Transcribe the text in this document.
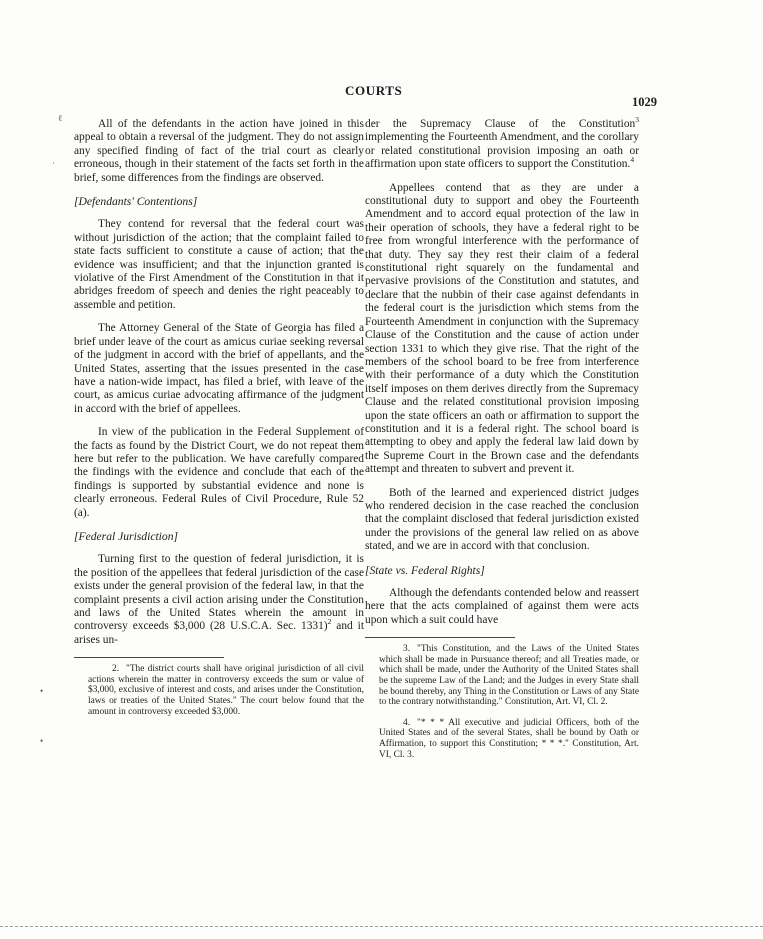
COURTS
1029

All of the defendants in the action have joined in this appeal to obtain a reversal of the judgment. They do not assign any specified finding of fact of the trial court as clearly erroneous, though in their statement of the facts set forth in the brief, some differences from the findings are observed.

[Defendants' Contentions]

They contend for reversal that the federal court was without jurisdiction of the action; that the complaint failed to state facts sufficient to constitute a cause of action; that the evidence was insufficient; and that the injunction granted is violative of the First Amendment of the Constitution in that it abridges freedom of speech and denies the right peaceably to assemble and petition.

The Attorney General of the State of Georgia has filed a brief under leave of the court as amicus curiae seeking reversal of the judgment in accord with the brief of appellants, and the United States, asserting that the issues presented in the case have a nation-wide impact, has filed a brief, with leave of the court, as amicus curiae advocating affirmance of the judgment in accord with the brief of appellees.

In view of the publication in the Federal Supplement of the facts as found by the District Court, we do not repeat them here but refer to the publication. We have carefully compared the findings with the evidence and conclude that each of the findings is supported by substantial evidence and none is clearly erroneous. Federal Rules of Civil Procedure, Rule 52 (a).

[Federal Jurisdiction]

Turning first to the question of federal jurisdiction, it is the position of the appellees that federal jurisdiction of the case exists under the general provision of the federal law, in that the complaint presents a civil action arising under the Constitution and laws of the United States wherein the amount in controversy exceeds $3,000 (28 U.S.C.A. Sec. 1331)$^2$ and it arises un-

2. "The district courts shall have original jurisdiction of all civil actions wherein the matter in controversy exceeds the sum or value of $3,000, exclusive of interest and costs, and arises under the Constitution, laws or treaties of the United States." The court below found that the amount in controversy exceeded $3,000.

der the Supremacy Clause of the Constitution$^3$ implementing the Fourteenth Amendment, and the corollary or related constitutional provision imposing an oath or affirmation upon state officers to support the Constitution.$^4$

Appellees contend that as they are under a constitutional duty to support and obey the Fourteenth Amendment and to accord equal protection of the law in their operation of schools, they have a federal right to be free from wrongful interference with the performance of that duty. They say they rest their claim of a federal constitutional right squarely on the fundamental and pervasive provisions of the Constitution and statutes, and declare that the nubbin of their case against defendants in the federal court is the jurisdiction which stems from the Fourteenth Amendment in conjunction with the Supremacy Clause of the Constitution and the cause of action under section 1331 to which they give rise. That the right of the members of the school board to be free from interference with their performance of a duty which the Constitution itself imposes on them derives directly from the Supremacy Clause and the related constitutional provision imposing upon the state officers an oath or affirmation to support the constitution and it is a federal right. The school board is attempting to obey and apply the federal law laid down by the Supreme Court in the Brown case and the defendants attempt and threaten to subvert and prevent it.

Both of the learned and experienced district judges who rendered decision in the case reached the conclusion that the complaint disclosed that federal jurisdiction existed under the provisions of the general law relied on as above stated, and we are in accord with that conclusion.

[State vs. Federal Rights]

Although the defendants contended below and reassert here that the acts complained of against them were acts upon which a suit could have

3. "This Constitution, and the Laws of the United States which shall be made in Pursuance thereof; and all Treaties made, or which shall be made, under the Authority of the United States shall be the supreme Law of the Land; and the Judges in every State shall be bound thereby, any Thing in the Constitution or Laws of any State to the contrary notwithstanding." Constitution, Art. VI, Cl. 2.

4. "* * * All executive and judicial Officers, both of the United States and of the several States, shall be bound by Oath or Affirmation, to support this Constitution; * * *." Constitution, Art. VI, Cl. 3.

ℓ
·
•
•
